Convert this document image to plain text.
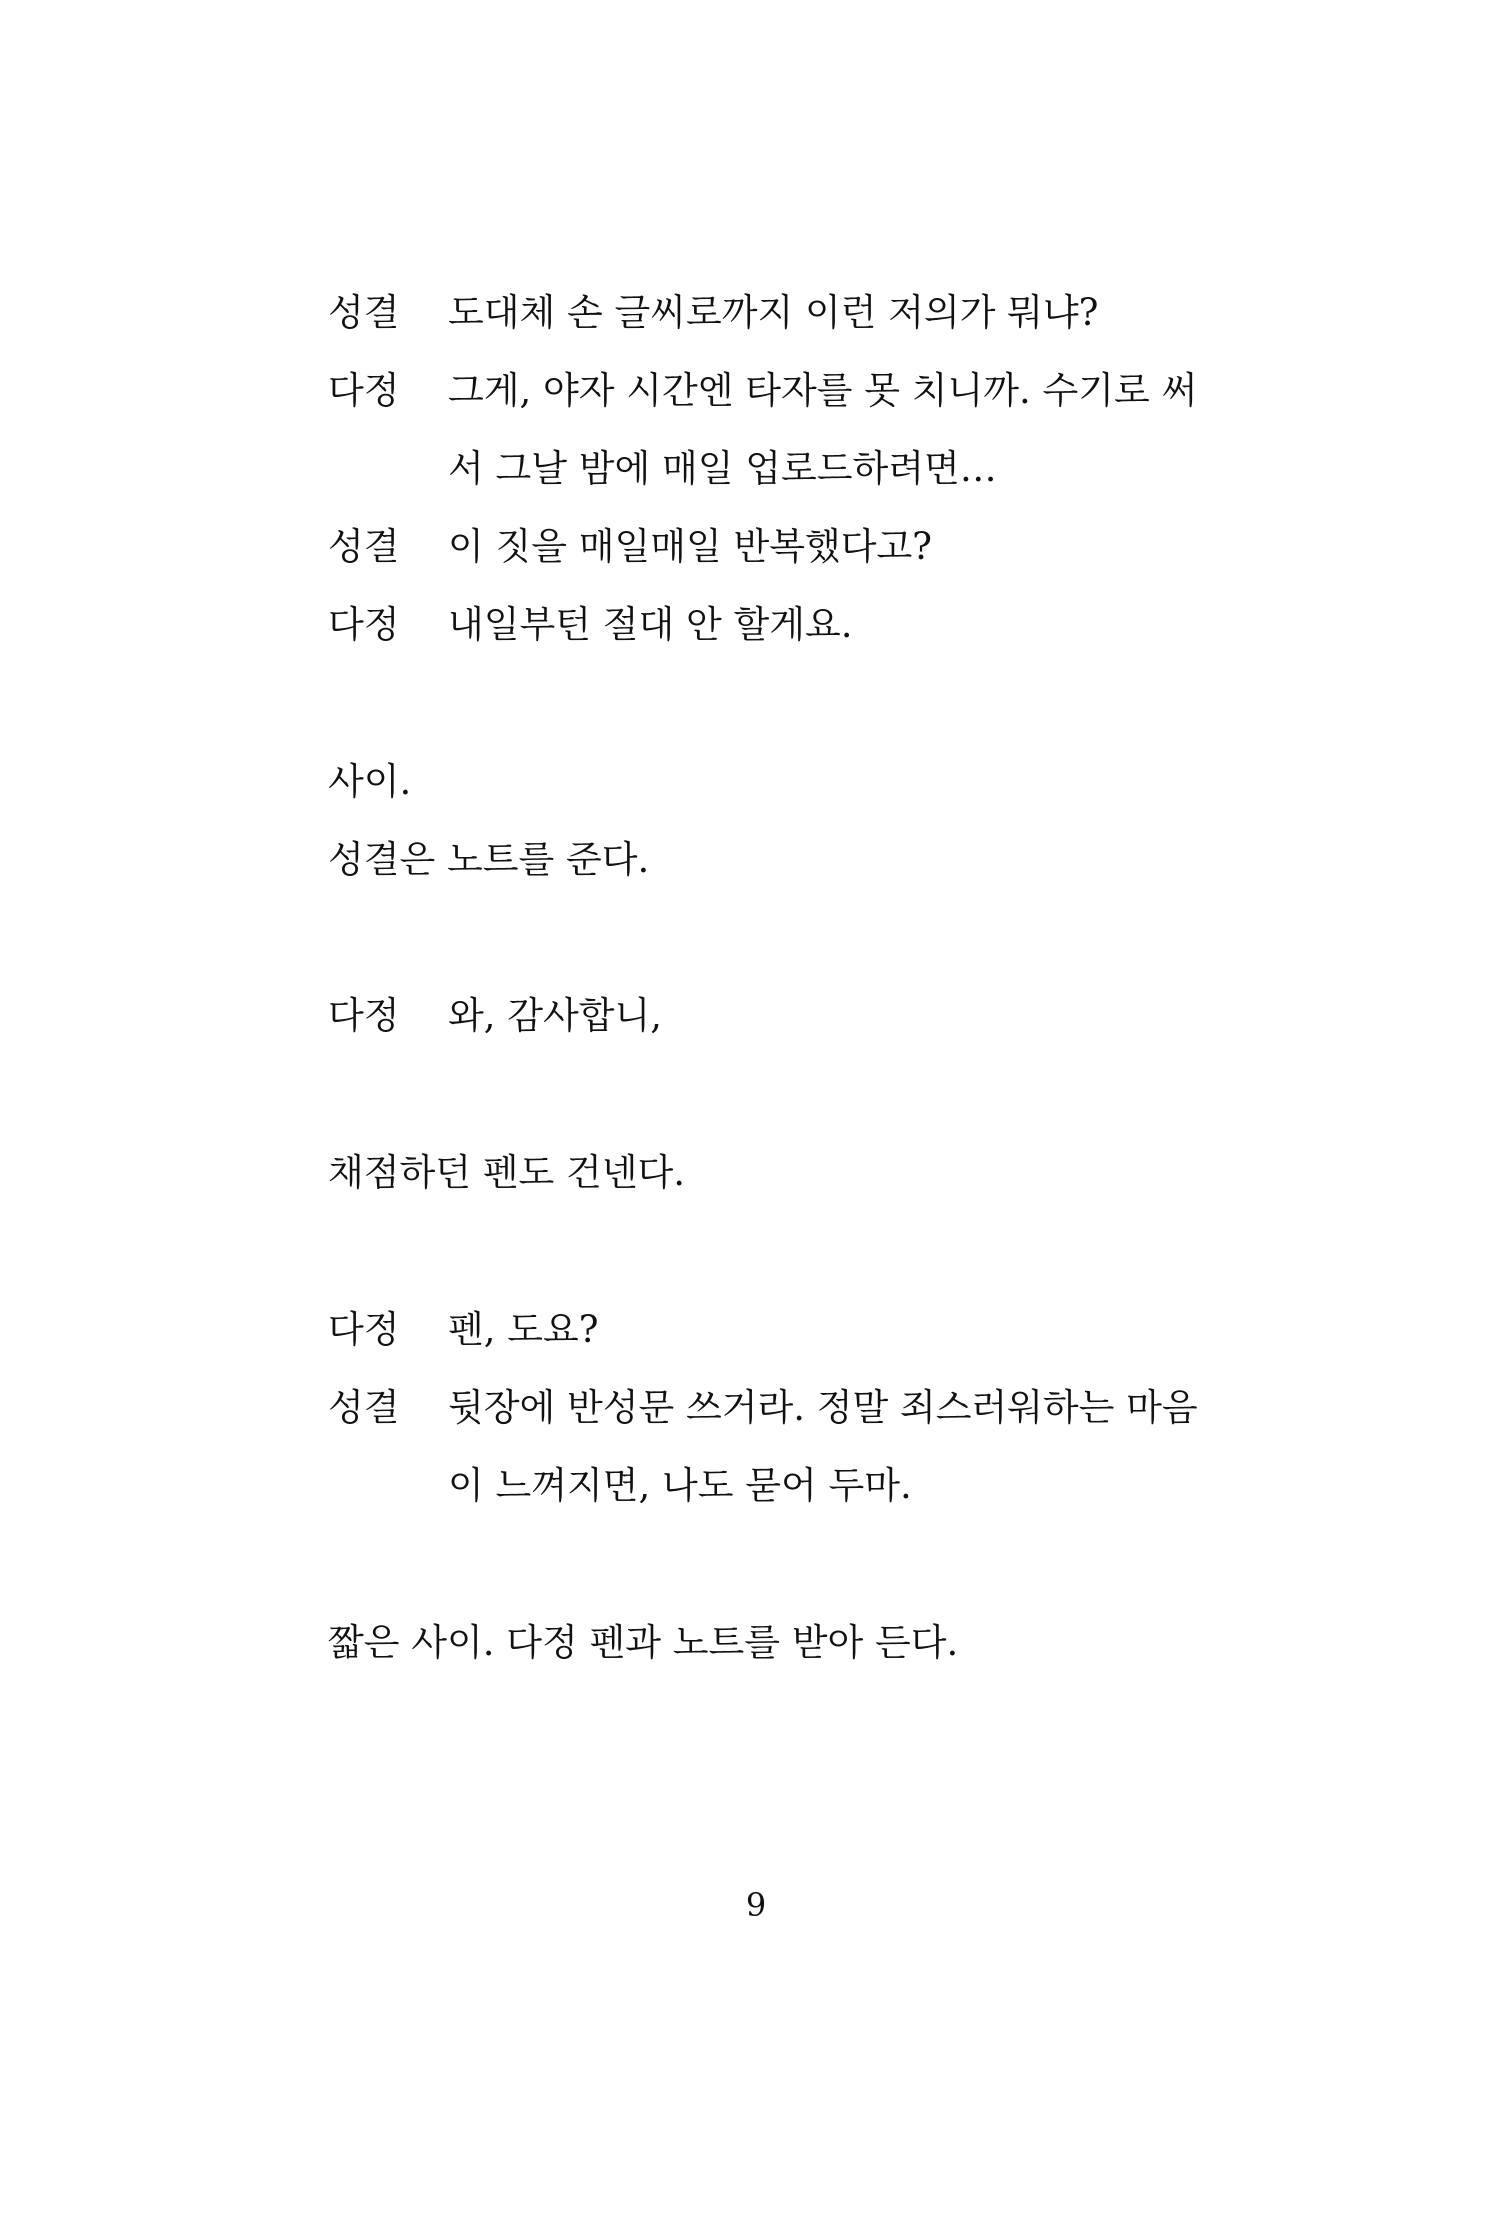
성결 도대체 손 글씨로까지 이런 저의가 뭐냐?
다정 그게, 야자 시간엔 타자를 못 치니까. 수기로 써
서 그날 밤에 매일 업로드하려면…
성결 이 짓을 매일매일 반복했다고?
다정 내일부턴 절대 안 할게요.
사이.
성결은 노트를 준다.
다정 와, 감사합니,
채점하던 펜도 건넨다.
다정 펜, 도요?
성결 뒷장에 반성문 쓰거라. 정말 죄스러워하는 마음
이 느껴지면, 나도 묻어 두마.
짧은 사이. 다정 펜과 노트를 받아 든다.
9
